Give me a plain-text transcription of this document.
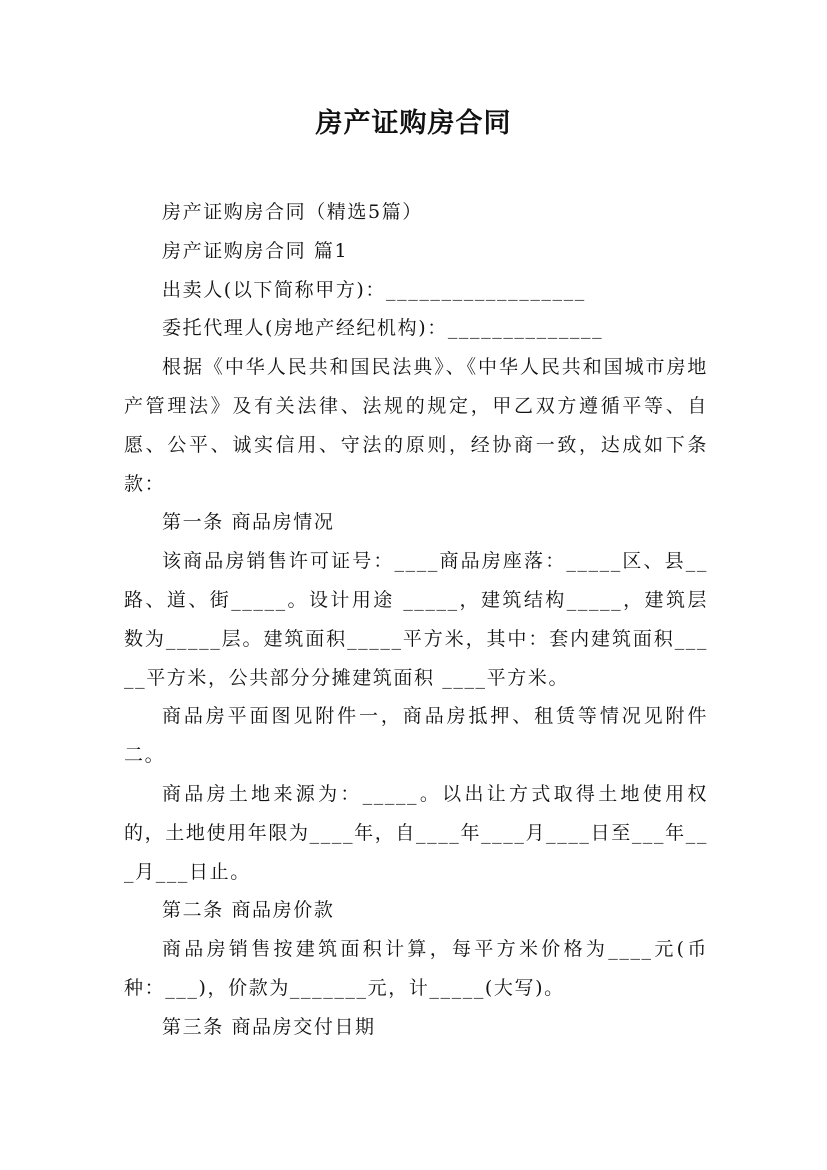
房产证购房合同

房产证购房合同（精选5篇）

房产证购房合同 篇1

出卖人(以下简称甲方)：__________________

委托代理人(房地产经纪机构)：______________

根据《中华人民共和国民法典》、《中华人民共和国城市房地产管理法》及有关法律、法规的规定，甲乙双方遵循平等、自愿、公平、诚实信用、守法的原则，经协商一致，达成如下条款：

第一条 商品房情况

该商品房销售许可证号：____商品房座落：_____区、县__路、道、街_____。设计用途 _____，建筑结构_____，建筑层数为_____层。建筑面积_____平方米，其中：套内建筑面积_____平方米，公共部分分摊建筑面积 ____平方米。

商品房平面图见附件一，商品房抵押、租赁等情况见附件二。

商品房土地来源为：_____。以出让方式取得土地使用权的，土地使用年限为____年，自____年____月____日至___年___月___日止。

第二条 商品房价款

商品房销售按建筑面积计算，每平方米价格为____元(币种：___)，价款为_______元，计_____(大写)。

第三条 商品房交付日期
